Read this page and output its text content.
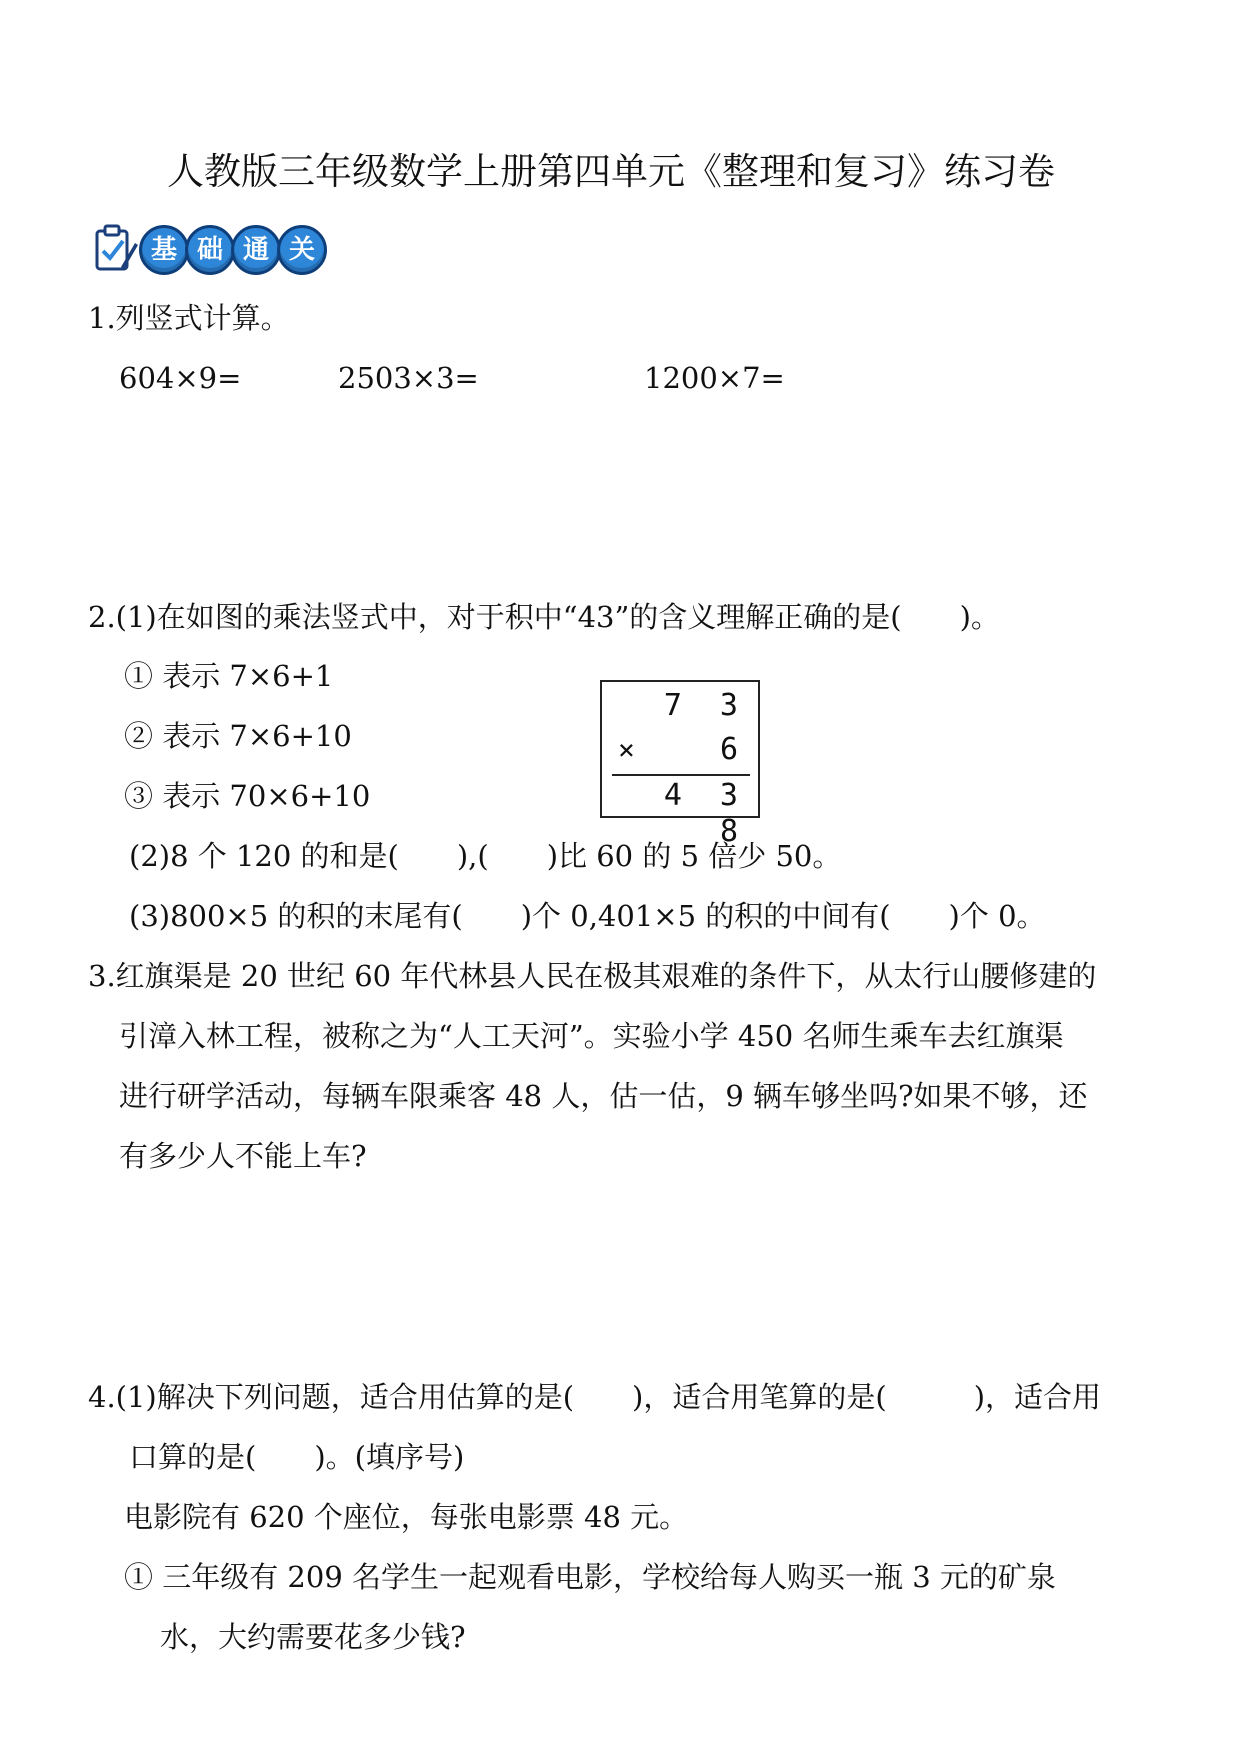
人教版三年级数学上册第四单元《整理和复习》练习卷
基 础 通 关
1.列竖式计算。
604×9=	2503×3=	1200×7=
2.(1)在如图的乘法竖式中，对于积中“43”的含义理解正确的是(　　)。
① 表示 7×6+1
② 表示 7×6+10
③ 表示 70×6+10
7 3
×	6
4 3 8
(2)8 个 120 的和是(　　),(　　)比 60 的 5 倍少 50。
(3)800×5 的积的末尾有(　　)个 0,401×5 的积的中间有(　　)个 0。
3.红旗渠是 20 世纪 60 年代林县人民在极其艰难的条件下，从太行山腰修建的
引漳入林工程，被称之为“人工天河”。实验小学 450 名师生乘车去红旗渠
进行研学活动，每辆车限乘客 48 人，估一估，9 辆车够坐吗?如果不够，还
有多少人不能上车?
4.(1)解决下列问题，适合用估算的是(　　)，适合用笔算的是(　　　)，适合用
口算的是(　　)。(填序号)
电影院有 620 个座位，每张电影票 48 元。
① 三年级有 209 名学生一起观看电影，学校给每人购买一瓶 3 元的矿泉
水，大约需要花多少钱?
